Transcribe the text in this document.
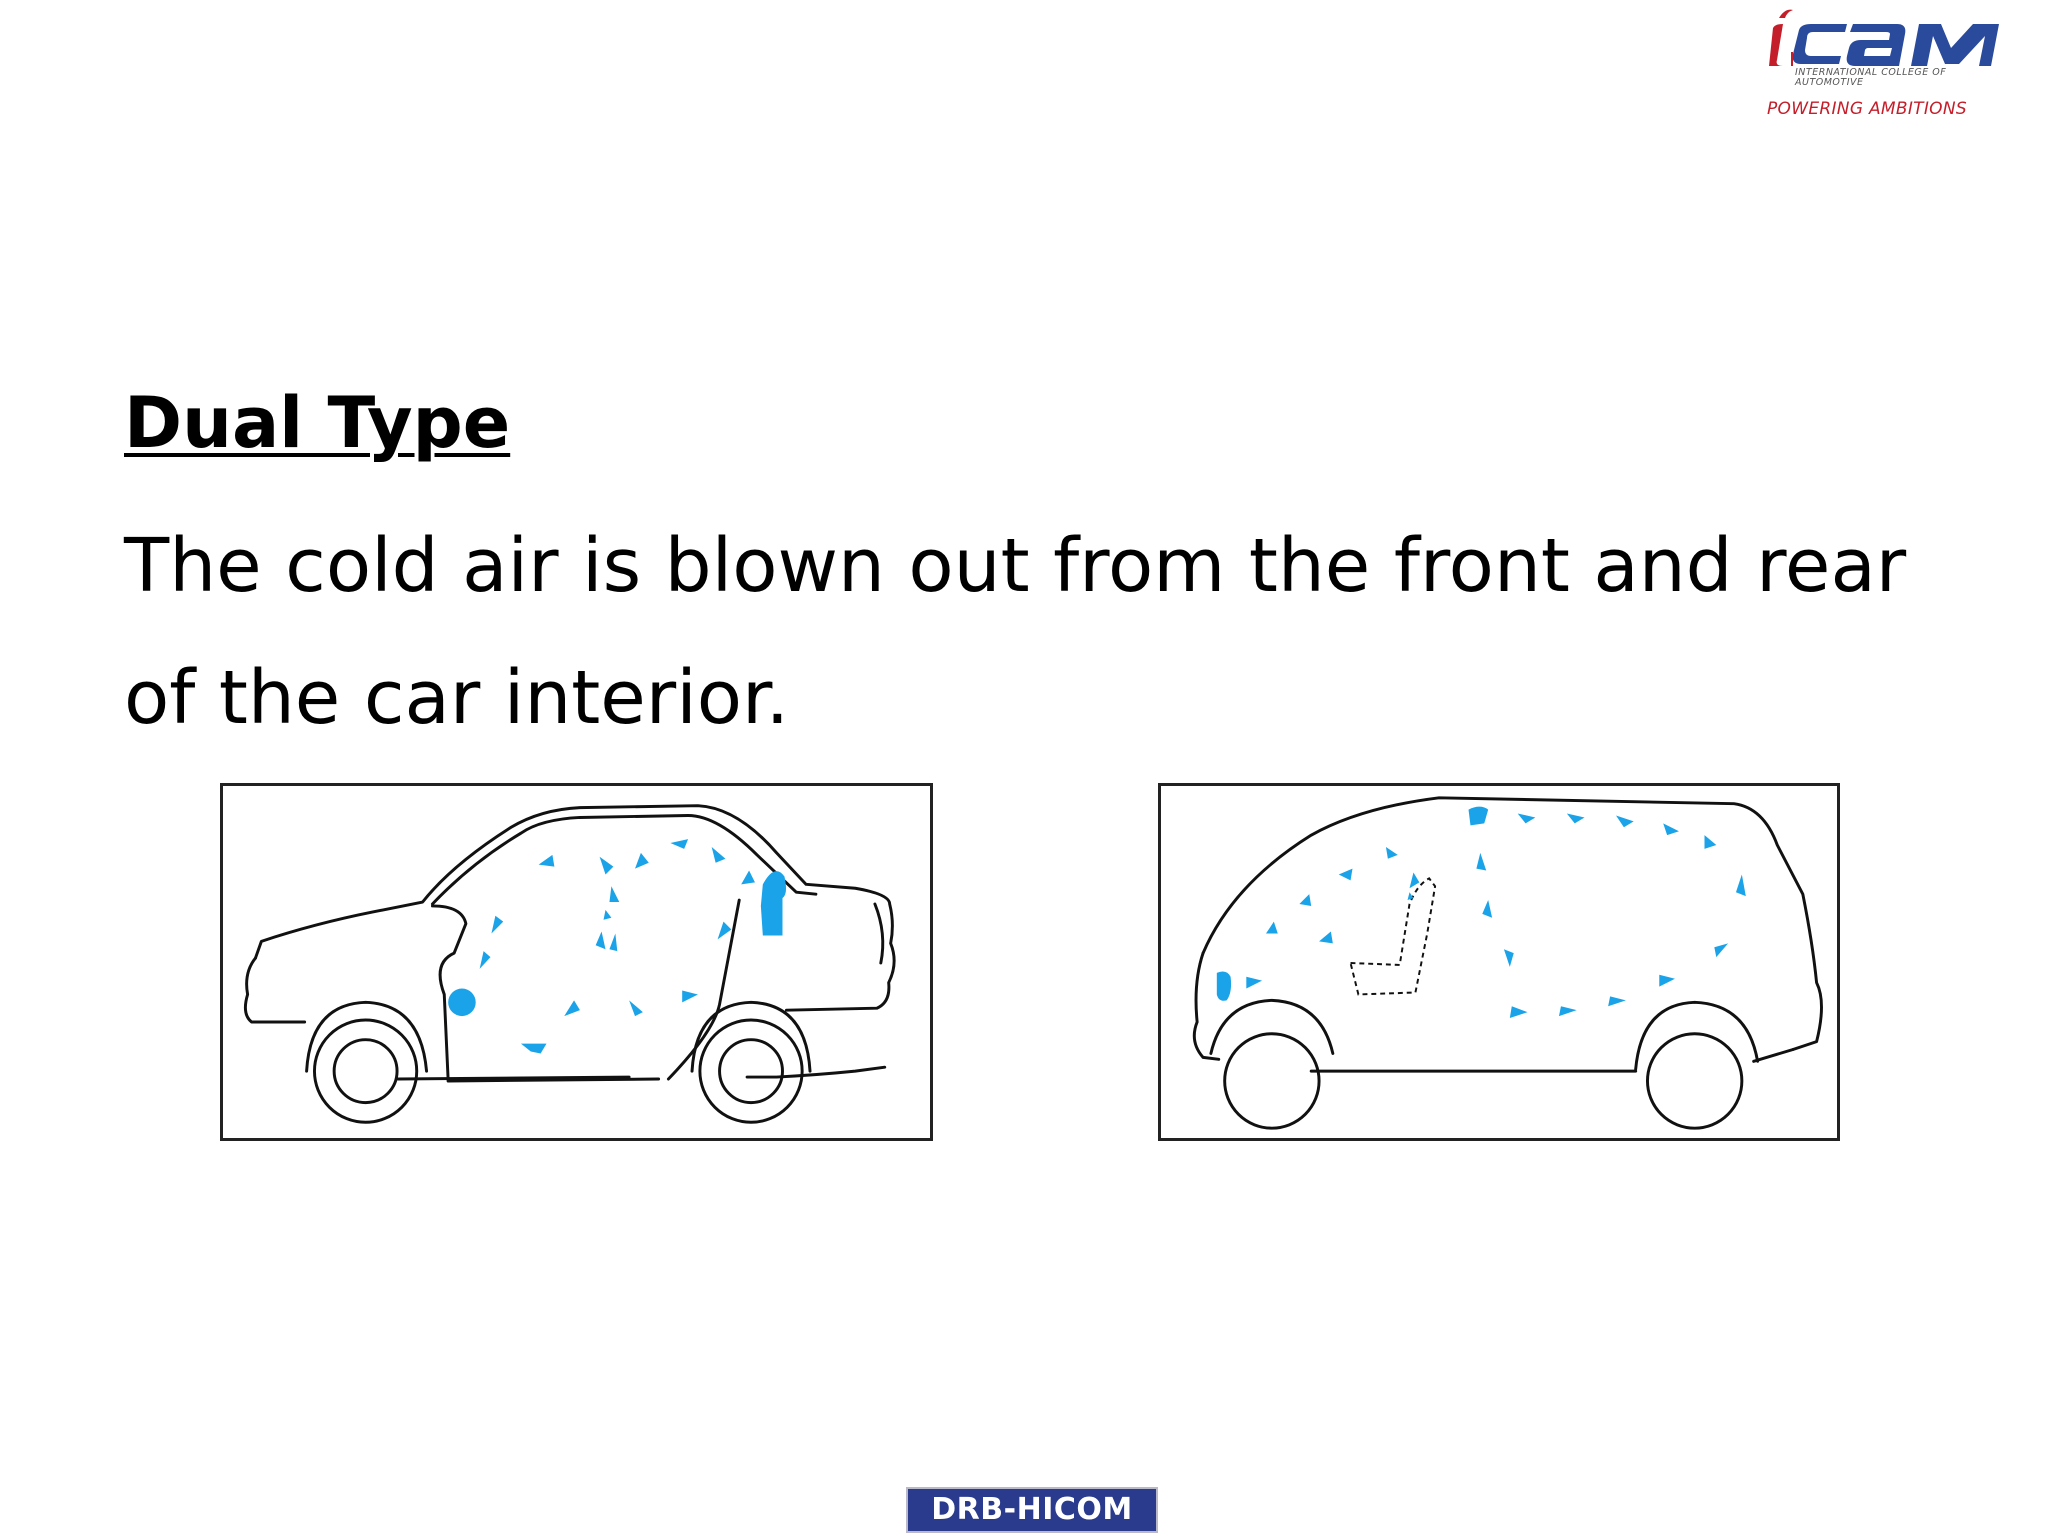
INTERNATIONAL COLLEGE OF
AUTOMOTIVE
POWERING AMBITIONS
Dual Type
The cold air is blown out from the front and rear
of the car interior.
DRB-HICOM
